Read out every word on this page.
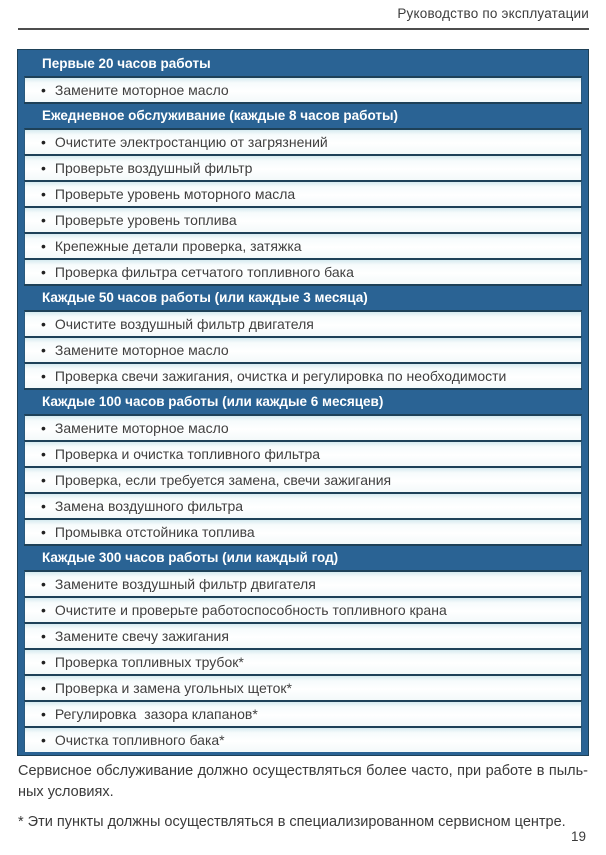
Руководство по эксплуатации
Первые 20 часов работы
• Замените моторное масло
Ежедневное обслуживание (каждые 8 часов работы)
• Очистите электростанцию от загрязнений
• Проверьте воздушный фильтр
• Проверьте уровень моторного масла
• Проверьте уровень топлива
• Крепежные детали проверка, затяжка
• Проверка фильтра сетчатого топливного бака
Каждые 50 часов работы (или каждые 3 месяца)
• Очистите воздушный фильтр двигателя
• Замените моторное масло
• Проверка свечи зажигания, очистка и регулировка по необходимости
Каждые 100 часов работы (или каждые 6 месяцев)
• Замените моторное масло
• Проверка и очистка топливного фильтра
• Проверка, если требуется замена, свечи зажигания
• Замена воздушного фильтра
• Промывка отстойника топлива
Каждые 300 часов работы (или каждый год)
• Замените воздушный фильтр двигателя
• Очистите и проверьте работоспособность топливного крана
• Замените свечу зажигания
• Проверка топливных трубок*
• Проверка и замена угольных щеток*
• Регулировка  зазора клапанов*
• Очистка топливного бака*

Сервисное обслуживание должно осуществляться более часто, при работе в пыль-
ных условиях.

* Эти пункты должны осуществляться в специализированном сервисном центре.

19
